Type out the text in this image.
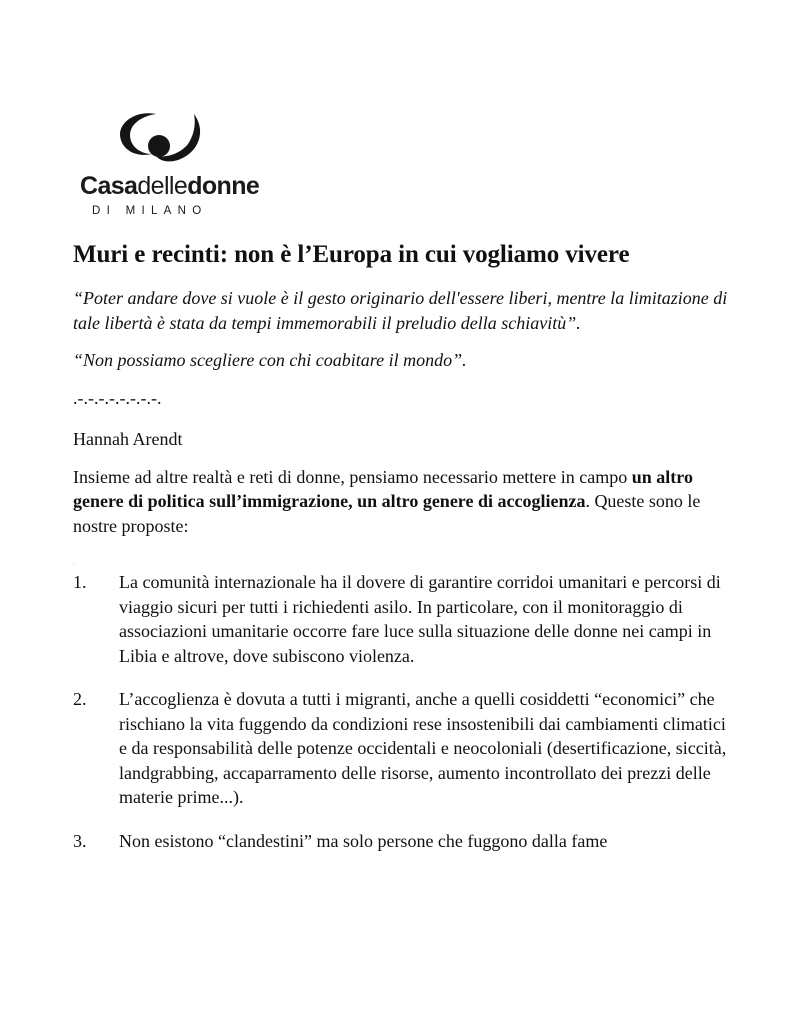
Casadelledonne
DI MILANO
Muri e recinti: non è l’Europa in cui vogliamo vivere

“Poter andare dove si vuole è il gesto originario dell'essere liberi, mentre la limitazione di tale libertà è stata da tempi immemorabili il preludio della schiavitù”.

“Non possiamo scegliere con chi coabitare il mondo”.

.-.-.-.-.-.-.-.-.

Hannah Arendt

Insieme ad altre realtà e reti di donne, pensiamo necessario mettere in campo un altro genere di politica sull’immigrazione, un altro genere di accoglienza. Queste sono le nostre proposte:

.
1. La comunità internazionale ha il dovere di garantire corridoi umanitari e percorsi di viaggio sicuri per tutti i richiedenti asilo. In particolare, con il monitoraggio di associazioni umanitarie occorre fare luce sulla situazione delle donne nei campi in Libia e altrove, dove subiscono violenza.
2. L’accoglienza è dovuta a tutti i migranti, anche a quelli cosiddetti “economici” che rischiano la vita fuggendo da condizioni rese insostenibili dai cambiamenti climatici e da responsabilità delle potenze occidentali e neocoloniali (desertificazione, siccità, landgrabbing, accaparramento delle risorse, aumento incontrollato dei prezzi delle materie prime...).
3. Non esistono “clandestini” ma solo persone che fuggono dalla fame
